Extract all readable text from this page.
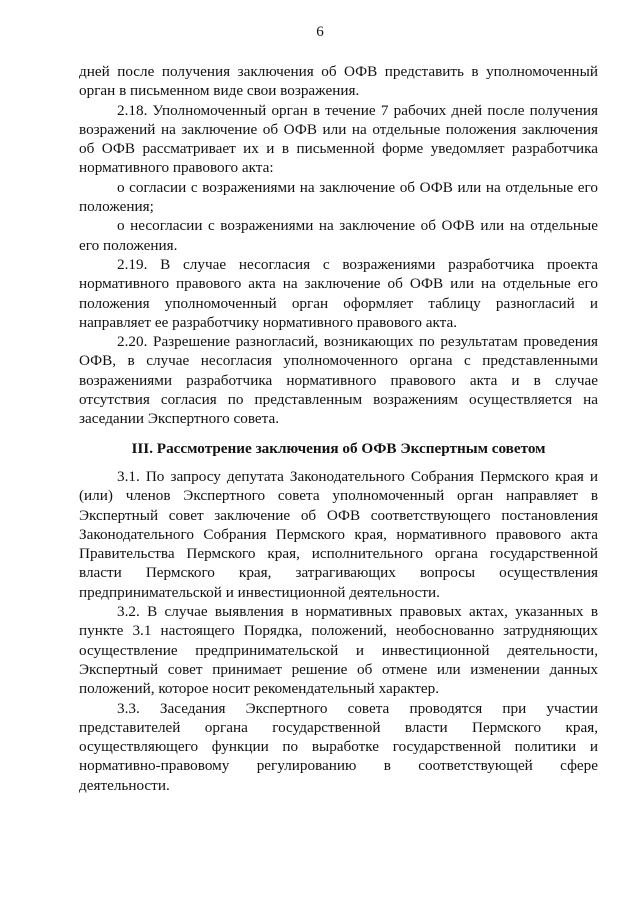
6

дней после получения заключения об ОФВ представить в уполномоченный орган в письменном виде свои возражения.

2.18. Уполномоченный орган в течение 7 рабочих дней после получения возражений на заключение об ОФВ или на отдельные положения заключения об ОФВ рассматривает их и в письменной форме уведомляет разработчика нормативного правового акта:

о согласии с возражениями на заключение об ОФВ или на отдельные его положения;

о несогласии с возражениями на заключение об ОФВ или на отдельные его положения.

2.19. В случае несогласия с возражениями разработчика проекта нормативного правового акта на заключение об ОФВ или на отдельные его положения уполномоченный орган оформляет таблицу разногласий и направляет ее разработчику нормативного правового акта.

2.20. Разрешение разногласий, возникающих по результатам проведения ОФВ, в случае несогласия уполномоченного органа с представленными возражениями разработчика нормативного правового акта и в случае отсутствия согласия по представленным возражениям осуществляется на заседании Экспертного совета.

III. Рассмотрение заключения об ОФВ Экспертным советом

3.1. По запросу депутата Законодательного Собрания Пермского края и (или) членов Экспертного совета уполномоченный орган направляет в Экспертный совет заключение об ОФВ соответствующего постановления Законодательного Собрания Пермского края, нормативного правового акта Правительства Пермского края, исполнительного органа государственной власти Пермского края, затрагивающих вопросы осуществления предпринимательской и инвестиционной деятельности.

3.2. В случае выявления в нормативных правовых актах, указанных в пункте 3.1 настоящего Порядка, положений, необоснованно затрудняющих осуществление предпринимательской и инвестиционной деятельности, Экспертный совет принимает решение об отмене или изменении данных положений, которое носит рекомендательный характер.

3.3. Заседания Экспертного совета проводятся при участии представителей органа государственной власти Пермского края, осуществляющего функции по выработке государственной политики и нормативно-правовому регулированию в соответствующей сфере деятельности.
